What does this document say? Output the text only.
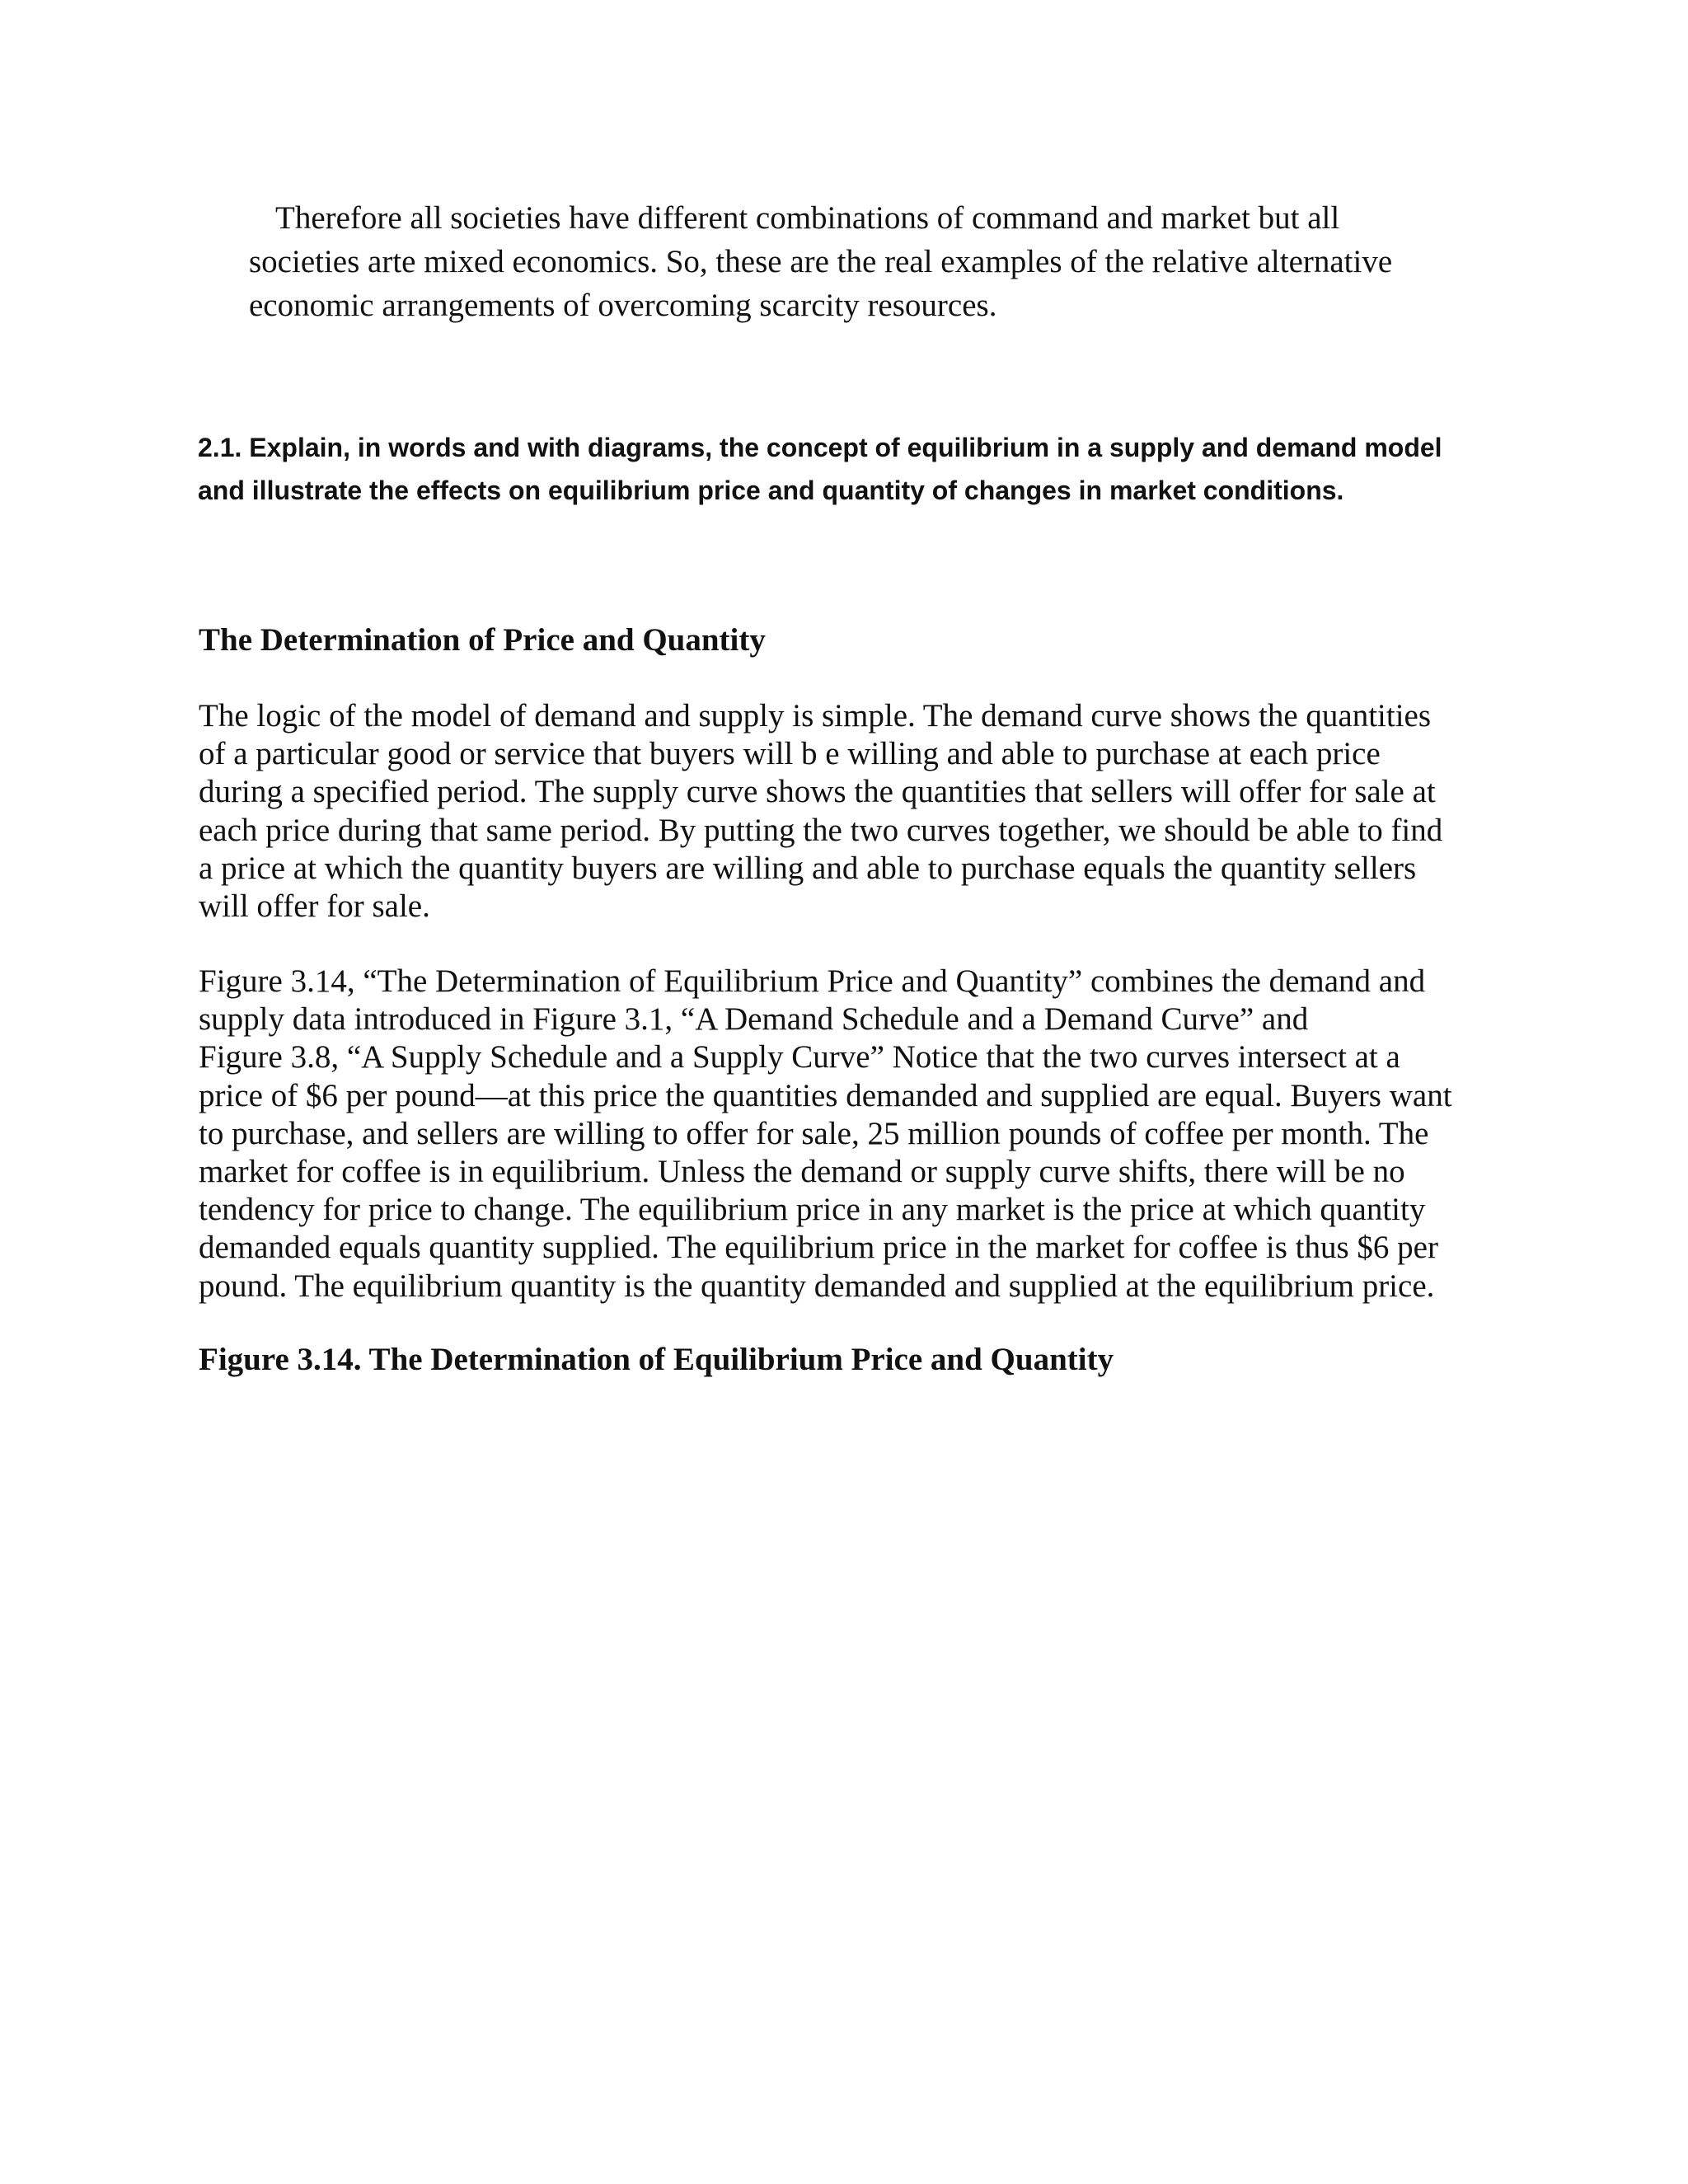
Therefore all societies have different combinations of command and market but all
societies arte mixed economics. So, these are the real examples of the relative alternative
economic arrangements of overcoming scarcity resources.

2.1. Explain, in words and with diagrams, the concept of equilibrium in a supply and demand model
and illustrate the effects on equilibrium price and quantity of changes in market conditions.

The Determination of Price and Quantity

The logic of the model of demand and supply is simple. The demand curve shows the quantities
of a particular good or service that buyers will b e willing and able to purchase at each price
during a specified period. The supply curve shows the quantities that sellers will offer for sale at
each price during that same period. By putting the two curves together, we should be able to find
a price at which the quantity buyers are willing and able to purchase equals the quantity sellers
will offer for sale.

Figure 3.14, “The Determination of Equilibrium Price and Quantity” combines the demand and
supply data introduced in Figure 3.1, “A Demand Schedule and a Demand Curve” and
Figure 3.8, “A Supply Schedule and a Supply Curve” Notice that the two curves intersect at a
price of $6 per pound—at this price the quantities demanded and supplied are equal. Buyers want
to purchase, and sellers are willing to offer for sale, 25 million pounds of coffee per month. The
market for coffee is in equilibrium. Unless the demand or supply curve shifts, there will be no
tendency for price to change. The equilibrium price in any market is the price at which quantity
demanded equals quantity supplied. The equilibrium price in the market for coffee is thus $6 per
pound. The equilibrium quantity is the quantity demanded and supplied at the equilibrium price.

Figure 3.14. The Determination of Equilibrium Price and Quantity
